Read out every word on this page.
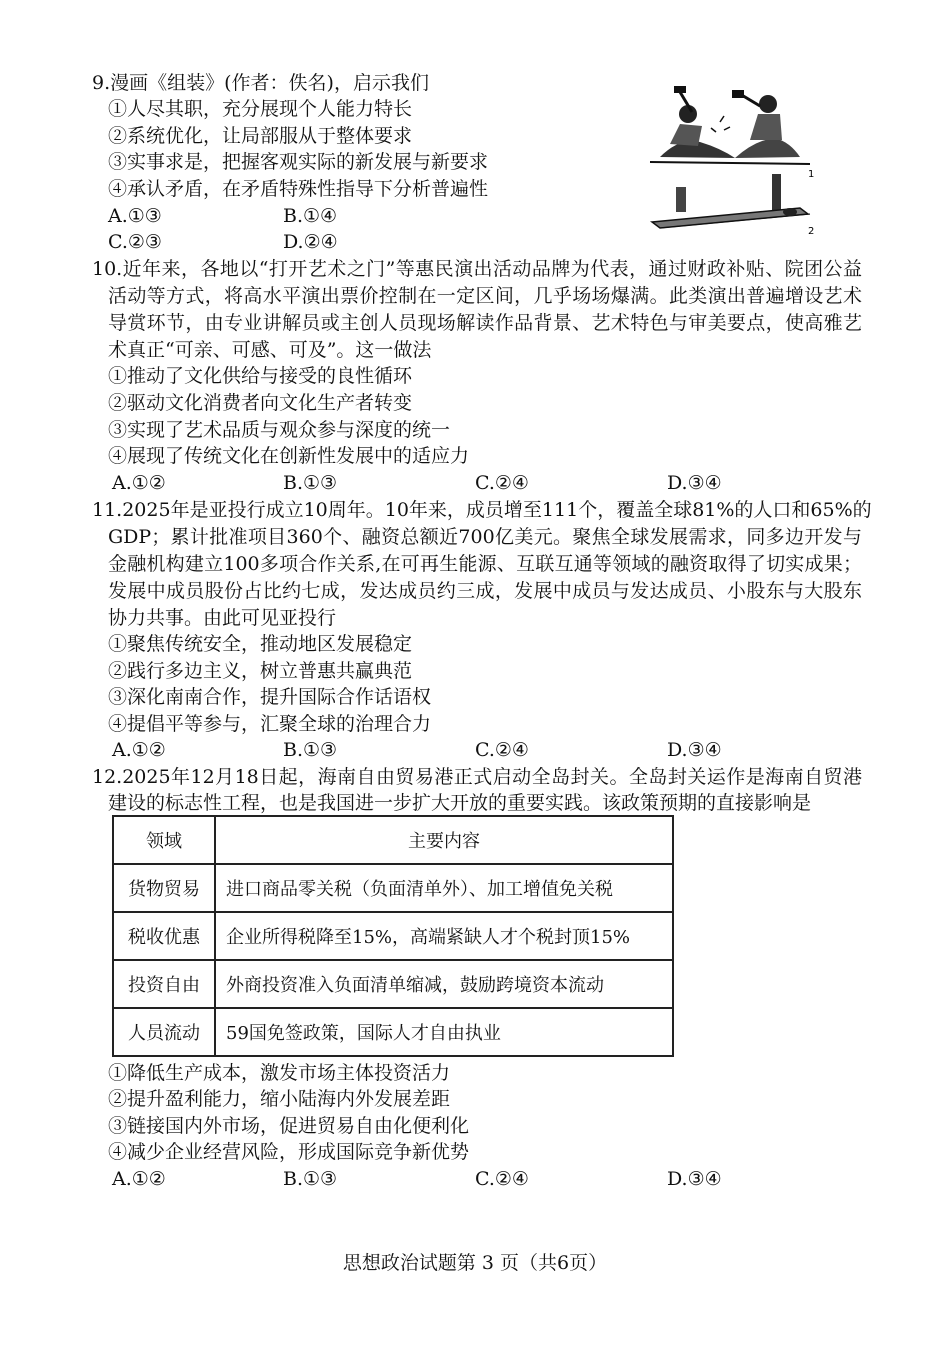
9.漫画《组装》(作者：佚名)，启示我们
①人尽其职，充分展现个人能力特长
②系统优化，让局部服从于整体要求
③实事求是，把握客观实际的新发展与新要求
④承认矛盾，在矛盾特殊性指导下分析普遍性
A.①③	B.①④
C.②③	D.②④
1
2
10.近年来，各地以“打开艺术之门”等惠民演出活动品牌为代表，通过财政补贴、院团公益
活动等方式，将高水平演出票价控制在一定区间，几乎场场爆满。此类演出普遍增设艺术
导赏环节，由专业讲解员或主创人员现场解读作品背景、艺术特色与审美要点，使高雅艺
术真正“可亲、可感、可及”。这一做法
①推动了文化供给与接受的良性循环
②驱动文化消费者向文化生产者转变
③实现了艺术品质与观众参与深度的统一
④展现了传统文化在创新性发展中的适应力
A.①②	B.①③	C.②④	D.③④
11.2025年是亚投行成立10周年。10年来，成员增至111个，覆盖全球81%的人口和65%的
GDP；累计批准项目360个、融资总额近700亿美元。聚焦全球发展需求，同多边开发与
金融机构建立100多项合作关系,在可再生能源、互联互通等领域的融资取得了切实成果；
发展中成员股份占比约七成，发达成员约三成，发展中成员与发达成员、小股东与大股东
协力共事。由此可见亚投行
①聚焦传统安全，推动地区发展稳定
②践行多边主义，树立普惠共赢典范
③深化南南合作，提升国际合作话语权
④提倡平等参与，汇聚全球的治理合力
A.①②	B.①③	C.②④	D.③④
12.2025年12月18日起，海南自由贸易港正式启动全岛封关。全岛封关运作是海南自贸港
建设的标志性工程，也是我国进一步扩大开放的重要实践。该政策预期的直接影响是
领域	主要内容
货物贸易	进口商品零关税（负面清单外）、加工增值免关税
税收优惠	企业所得税降至15%，高端紧缺人才个税封顶15%
投资自由	外商投资准入负面清单缩减，鼓励跨境资本流动
人员流动	59国免签政策，国际人才自由执业
①降低生产成本，激发市场主体投资活力
②提升盈利能力，缩小陆海内外发展差距
③链接国内外市场，促进贸易自由化便利化
④减少企业经营风险，形成国际竞争新优势
A.①②	B.①③	C.②④	D.③④
思想政治试题第 3 页（共6页）
